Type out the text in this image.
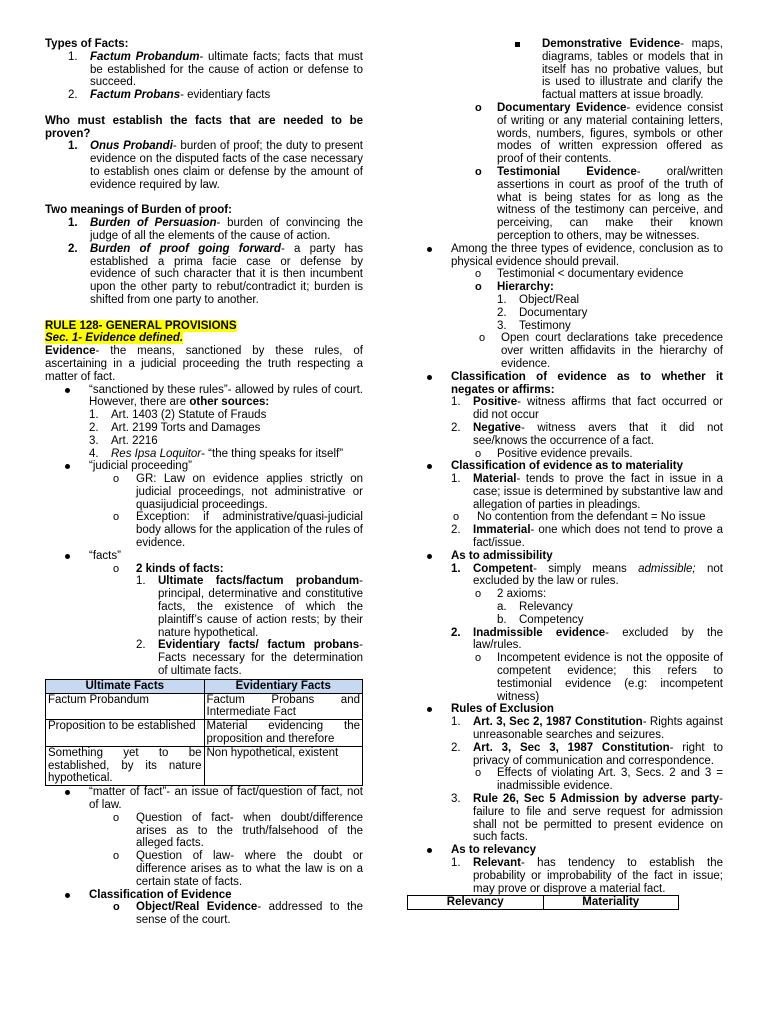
Types of Facts:

1.	Factum Probandum- ultimate facts; facts that must be established for the cause of action or defense to succeed.
2.	Factum Probans- evidentiary facts

Who must establish the facts that are needed to be proven?

1.	Onus Probandi- burden of proof; the duty to present evidence on the disputed facts of the case necessary to establish ones claim or defense by the amount of evidence required by law.

Two meanings of Burden of proof:

1.	Burden of Persuasion- burden of convincing the judge of all the elements of the cause of action.
2.	Burden of proof going forward- a party has established a prima facie case or defense by evidence of such character that it is then incumbent upon the other party to rebut/contradict it; burden is shifted from one party to another.

RULE 128- GENERAL PROVISIONS

Sec. 1- Evidence defined.

Evidence- the means, sanctioned by these rules, of ascertaining in a judicial proceeding the truth respecting a matter of fact.

“sanctioned by these rules”- allowed by rules of court. However, there are other sources:
1.	Art. 1403 (2) Statute of Frauds
2.	Art. 2199 Torts and Damages
3.	Art. 2216
4.	Res Ipsa Loquitor- “the thing speaks for itself”
“judicial proceeding”
o	GR: Law on evidence applies strictly on judicial proceedings, not administrative or quasijudicial proceedings.
o	Exception: if administrative/quasi-judicial body allows for the application of the rules of evidence.
“facts”
o	2 kinds of facts:
1.	Ultimate facts/factum probandum- principal, determinative and constitutive facts, the existence of which the plaintiff’s cause of action rests; by their nature hypothetical.
2.	Evidentiary facts/ factum probans- Facts necessary for the determination of ultimate facts.
Ultimate Facts	Evidentiary Facts
Factum Probandum	Factum Probans and Intermediate Fact
Proposition to be established	Material evidencing the proposition and therefore
Something yet to be established, by its nature hypothetical.	Non hypothetical, existent
“matter of fact”- an issue of fact/question of fact, not of law.
o	Question of fact- when doubt/difference arises as to the truth/falsehood of the alleged facts.
o	Question of law- where the doubt or difference arises as to what the law is on a certain state of facts.
Classification of Evidence
o	Object/Real Evidence- addressed to the sense of the court.
Demonstrative Evidence- maps, diagrams, tables or models that in itself has no probative values, but is used to illustrate and clarify the factual matters at issue broadly.
o	Documentary Evidence- evidence consist of writing or any material containing letters, words, numbers, figures, symbols or other modes of written expression offered as proof of their contents.
o	Testimonial Evidence- oral/written assertions in court as proof of the truth of what is being states for as long as the witness of the testimony can perceive, and perceiving, can make their known perception to others, may be witnesses.
Among the three types of evidence, conclusion as to physical evidence should prevail.
o	Testimonial < documentary evidence
o	Hierarchy:
1.	Object/Real
2.	Documentary
3.	Testimony
o	Open court declarations take precedence over written affidavits in the hierarchy of evidence.
Classification of evidence as to whether it negates or affirms:
1.	Positive- witness affirms that fact occurred or did not occur
2.	Negative- witness avers that it did not see/knows the occurrence of a fact.
o	Positive evidence prevails.
Classification of evidence as to materiality
1.	Material- tends to prove the fact in issue in a case; issue is determined by substantive law and allegation of parties in pleadings.
o	No contention from the defendant = No issue
2.	Immaterial- one which does not tend to prove a fact/issue.
As to admissibility
1.	Competent- simply means admissible; not excluded by the law or rules.
o	2 axioms:
a.	Relevancy
b.	Competency
2.	Inadmissible evidence- excluded by the law/rules.
o	Incompetent evidence is not the opposite of competent evidence; this refers to testimonial evidence (e.g: incompetent witness)
Rules of Exclusion
1.	Art. 3, Sec 2, 1987 Constitution- Rights against unreasonable searches and seizures.
2.	Art. 3, Sec 3, 1987 Constitution- right to privacy of communication and correspondence.
o	Effects of violating Art. 3, Secs. 2 and 3 = inadmissible evidence.
3.	Rule 26, Sec 5 Admission by adverse party- failure to file and serve request for admission shall not be permitted to present evidence on such facts.
As to relevancy
1.	Relevant- has tendency to establish the probability or improbability of the fact in issue; may prove or disprove a material fact.
Relevancy	Materiality
